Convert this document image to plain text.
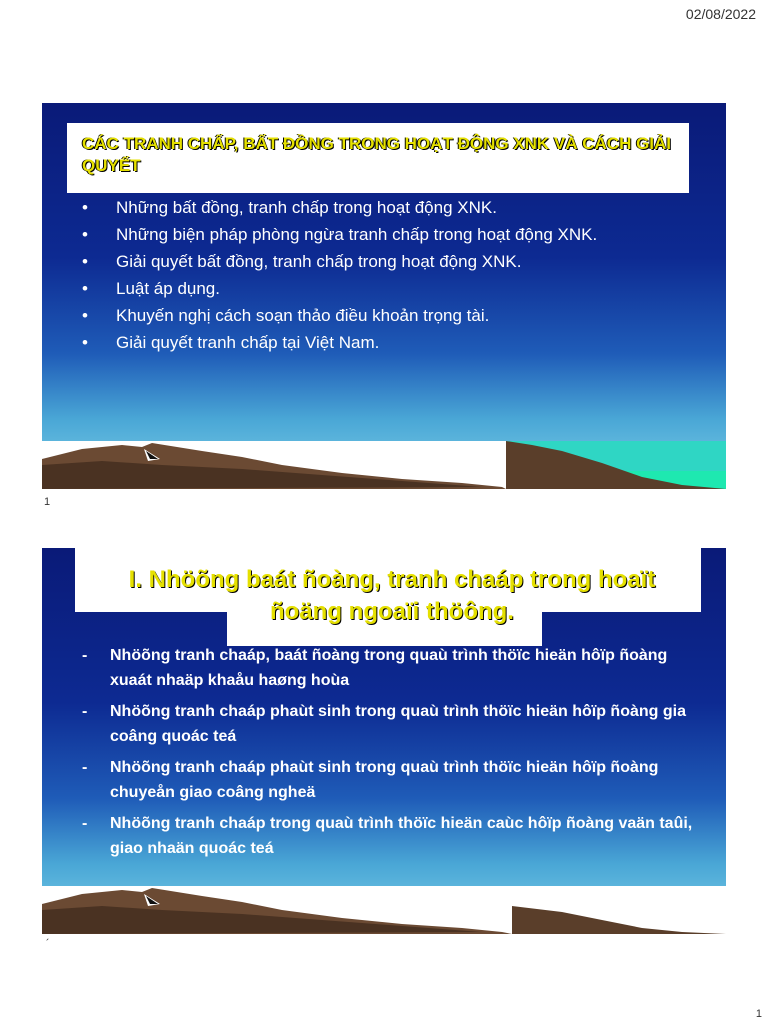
02/08/2022
CÁC TRANH CHẤP, BẤT ĐỒNG TRONG HOẠT ĐỘNG XNK VÀ CÁCH GIẢI QUYẾT
• Những bất đồng, tranh chấp trong hoạt động XNK.
• Những biện pháp phòng ngừa tranh chấp trong hoạt động XNK.
• Giải quyết bất đồng, tranh chấp trong hoạt động XNK.
• Luật áp dụng.
• Khuyến nghị cách soạn thảo điều khoản trọng tài.
• Giải quyết tranh chấp tại Việt Nam.
1
I. Nhöõng baát ñoàng, tranh chaáp trong hoaït ñoäng ngoaïi thöông.
- Nhöõng tranh chaáp, baát ñoàng trong quaù trình thöïc hieän hôïp ñoàng xuaát nhaäp khaåu haøng hoùa
- Nhöõng tranh chaáp phaùt sinh trong quaù trình thöïc hieän hôïp ñoàng gia coâng quoác teá
- Nhöõng tranh chaáp phaùt sinh trong quaù trình thöïc hieän hôïp ñoàng chuyeån giao coâng ngheä
- Nhöõng tranh chaáp trong quaù trình thöïc hieän caùc hôïp ñoàng vaän taûi, giao nhaän quoác teá
´
1
